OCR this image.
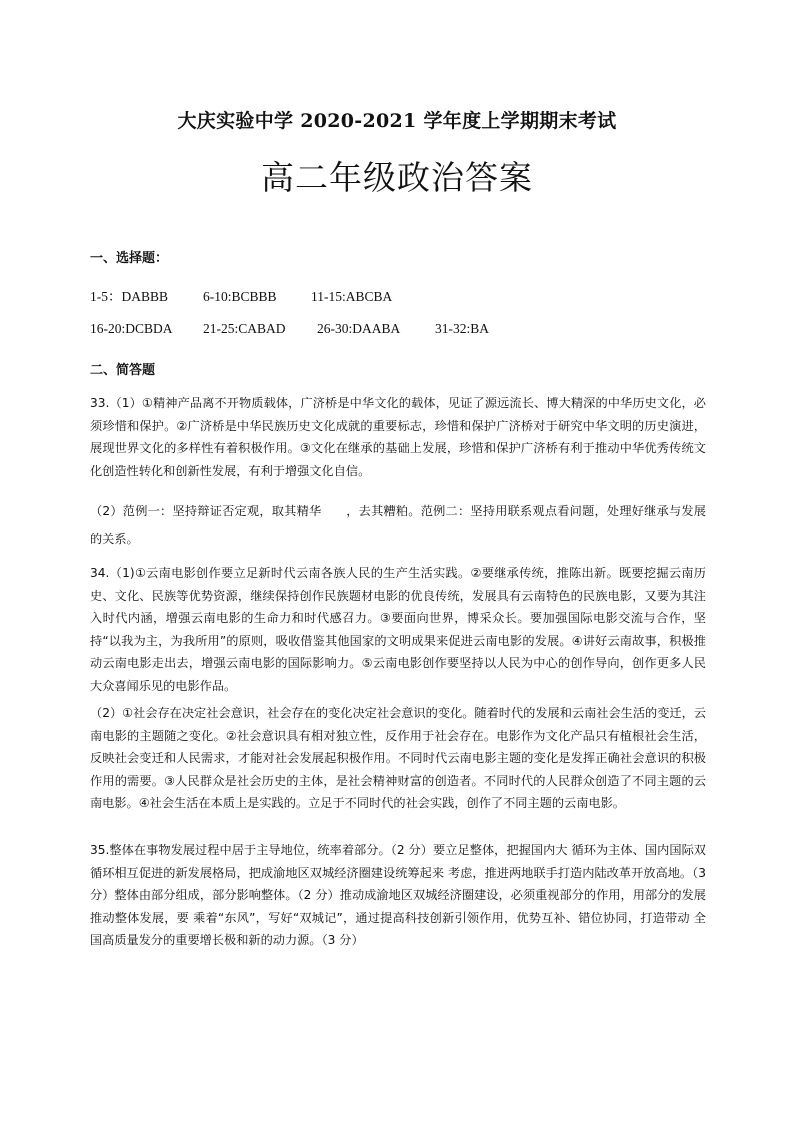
大庆实验中学 2020-2021 学年度上学期期末考试
高二年级政治答案
一、选择题：
1-5：DABBB	6-10:BCBBB	11-15:ABCBA
16-20:DCBDA 21-25:CABAD 26-30:DAABA	31-32:BA
二、简答题
33.（1）①精神产品离不开物质载体，广济桥是中华文化的载体，见证了源远流长、博大精深的中华历史文化，必须珍惜和保护。②广济桥是中华民族历史文化成就的重要标志，珍惜和保护广济桥对于研究中华文明的历史演进，展现世界文化的多样性有着积极作用。③文化在继承的基础上发展，珍惜和保护广济桥有利于推动中华优秀传统文化创造性转化和创新性发展，有利于增强文化自信。
（2）范例一：坚持辩证否定观，取其精华　　，去其糟粕。范例二：坚持用联系观点看问题，处理好继承与发展的关系。
34.（1)①云南电影创作要立足新时代云南各族人民的生产生活实践。②要继承传统，推陈出新。既要挖掘云南历史、文化、民族等优势资源，继续保持创作民族题材电影的优良传统，发展具有云南特色的民族电影，又要为其注入时代内涵，增强云南电影的生命力和时代感召力。③要面向世界，博采众长。要加强国际电影交流与合作，坚持“以我为主，为我所用”的原则，吸收借鉴其他国家的文明成果来促进云南电影的发展。④讲好云南故事，积极推动云南电影走出去，增强云南电影的国际影响力。⑤云南电影创作要坚持以人民为中心的创作导向，创作更多人民大众喜闻乐见的电影作品。
（2）①社会存在决定社会意识，社会存在的变化决定社会意识的变化。随着时代的发展和云南社会生活的变迁，云南电影的主题随之变化。②社会意识具有相对独立性，反作用于社会存在。电影作为文化产品只有植根社会生活，反映社会变迁和人民需求，才能对社会发展起积极作用。不同时代云南电影主题的变化是发挥正确社会意识的积极作用的需要。③人民群众是社会历史的主体，是社会精神财富的创造者。不同时代的人民群众创造了不同主题的云南电影。④社会生活在本质上是实践的。立足于不同时代的社会实践，创作了不同主题的云南电影。
35.整体在事物发展过程中居于主导地位，统率着部分。（2 分）要立足整体，把握国内大 循环为主体、国内国际双循环相互促进的新发展格局，把成渝地区双城经济圈建设统筹起来 考虑，推进两地联手打造内陆改革开放高地。（3 分）整体由部分组成，部分影响整体。（2 分）推动成渝地区双城经济圈建设，必须重视部分的作用，用部分的发展推动整体发展，要 乘着“东风”，写好“双城记”，通过提高科技创新引领作用，优势互补、错位协同，打造带动 全国高质量发分的重要增长极和新的动力源。（3 分）
